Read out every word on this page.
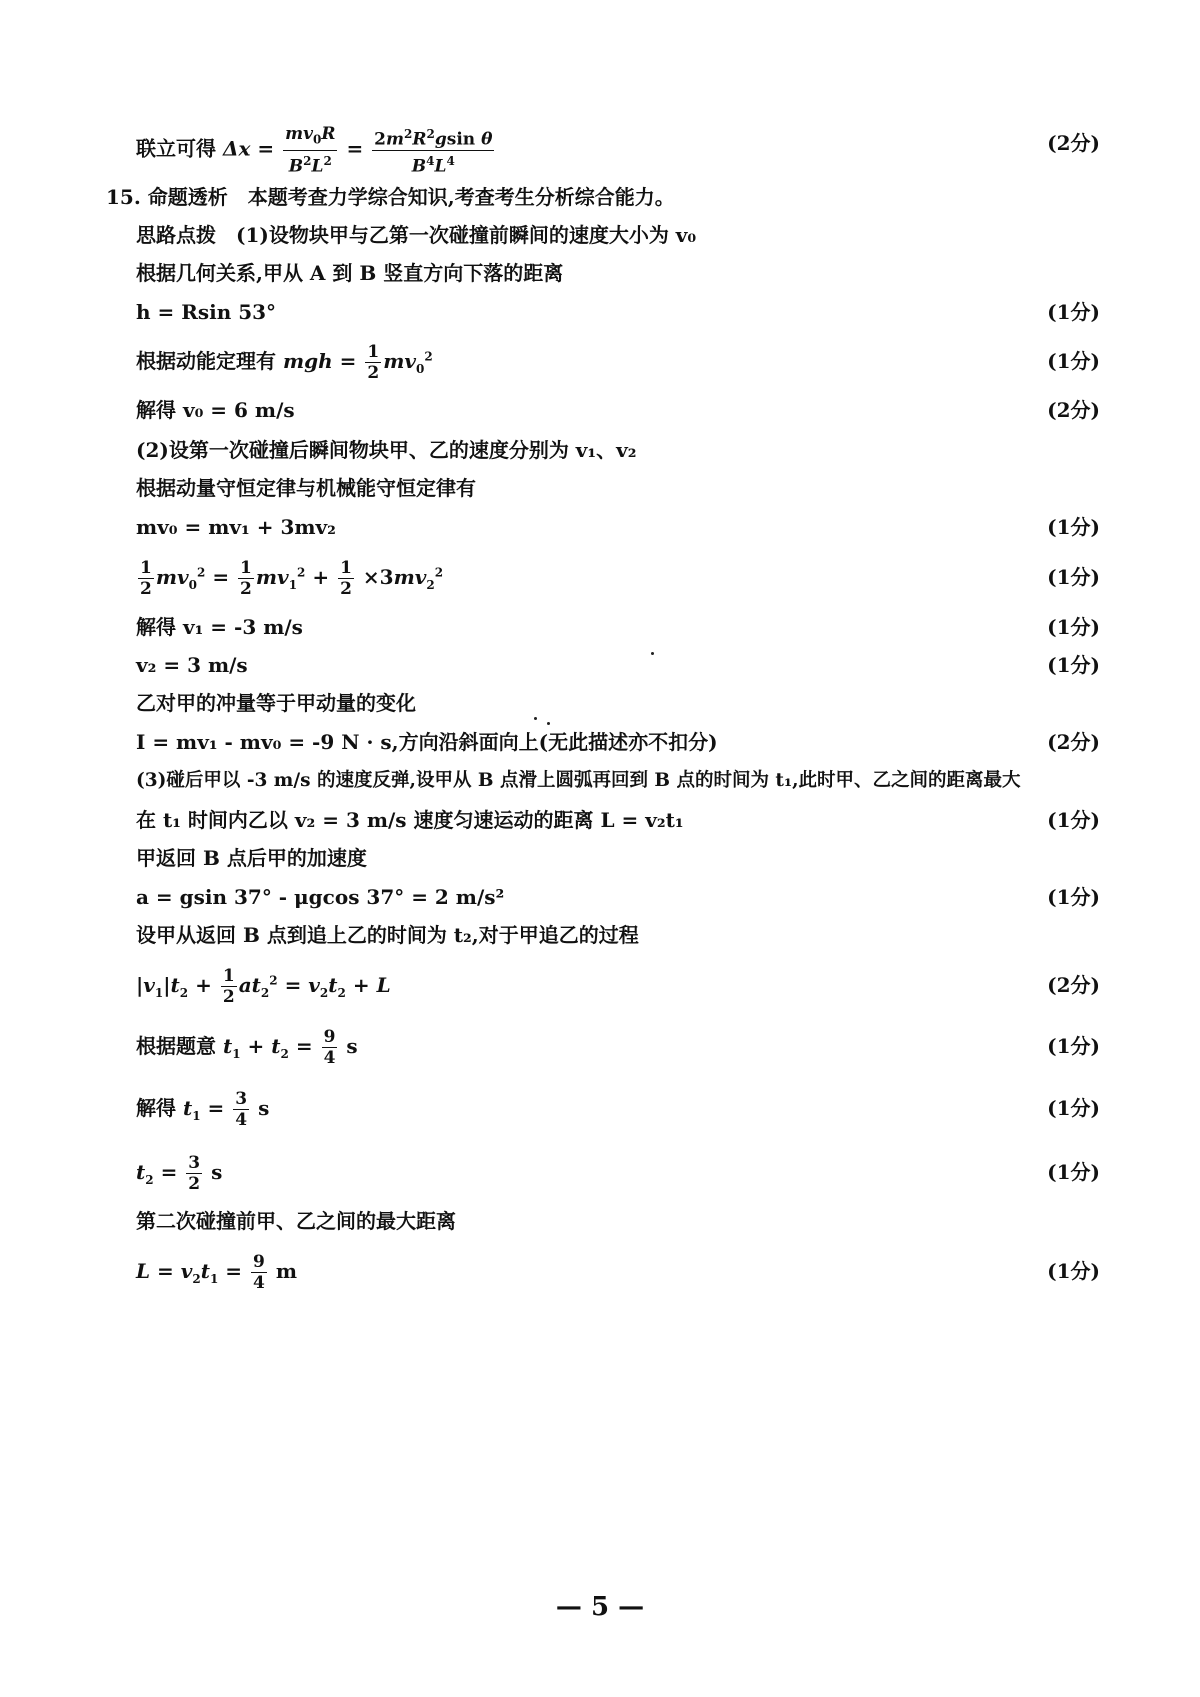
联立可得 $\Delta x = \frac{mv_0R}{B^2L^2} = \frac{2m^2R^2gsin \theta}{B^4L^4}$	(2分)
15. 命题透析　本题考查力学综合知识,考查考生分析综合能力。
思路点拨　(1)设物块甲与乙第一次碰撞前瞬间的速度大小为 v₀
根据几何关系,甲从 A 到 B 竖直方向下落的距离
h = Rsin 53°	(1分)
根据动能定理有 mgh = $\frac{1}{2} mv_0^2$	(1分)
解得 v₀ = 6 m/s	(2分)
(2)设第一次碰撞后瞬间物块甲、乙的速度分别为 v₁、v₂
根据动量守恒定律与机械能守恒定律有
mv₀ = mv₁ + 3mv₂	(1分)
$\frac{1}{2} mv_0^2 = \frac{1}{2} mv_1^2 + \frac{1}{2} \times 3mv_2^2$	(1分)
解得 v₁ = -3 m/s	(1分)
v₂ = 3 m/s	(1分)
乙对甲的冲量等于甲动量的变化
I = mv₁ - mv₀ = -9 N · s,方向沿斜面向上(无此描述亦不扣分)	(2分)
(3)碰后甲以 -3 m/s 的速度反弹,设甲从 B 点滑上圆弧再回到 B 点的时间为 t₁,此时甲、乙之间的距离最大
在 t₁ 时间内乙以 v₂ = 3 m/s 速度匀速运动的距离 L = v₂t₁	(1分)
甲返回 B 点后甲的加速度
a = gsin 37° - μgcos 37° = 2 m/s²	(1分)
设甲从返回 B 点到追上乙的时间为 t₂,对于甲追乙的过程
$|v_1|t_2 + \frac{1}{2} at_2^2 = v_2t_2 + L$	(2分)
根据题意 $t_1 + t_2 = \frac{9}{4}$ s	(1分)
解得 $t_1 = \frac{3}{4}$ s	(1分)
$t_2 = \frac{3}{2}$ s	(1分)
第二次碰撞前甲、乙之间的最大距离
$L = v_2t_1 = \frac{9}{4}$ m	(1分)
— 5 —
